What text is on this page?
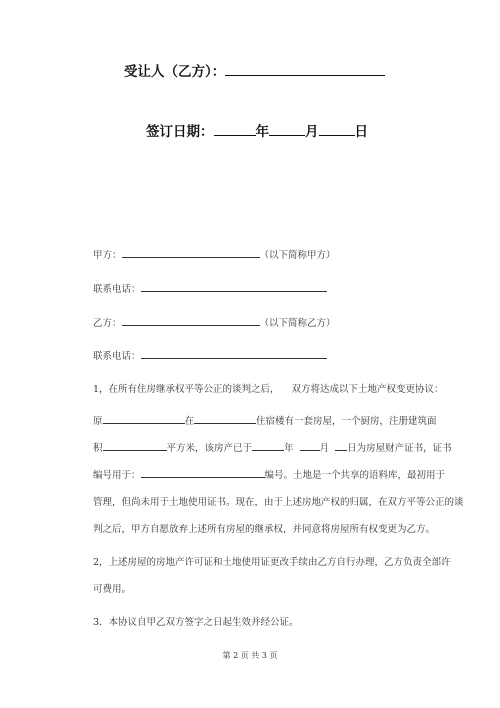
受让人（乙方）：
签订日期：	年	月	日
甲方：	（以下简称甲方）
联系电话：
乙方：	（以下简称乙方）
联系电话：
1，在所有住房继承权平等公正的谈判之后， 双方将达成以下土地产权变更协议：
原	在	住宿楼有一套房屋，一个厨房，注册建筑面
积	平方米，该房产已于	年	月 日为房屋财产证书，证书
编号用于：	编号。土地是一个共享的语料库，最初用于
管理，但尚未用于土地使用证书。现在，由于上述房地产权的归属，在双方平等公正的谈
判之后，甲方自愿放弃上述所有房屋的继承权，并同意将房屋所有权变更为乙方。
2，上述房屋的房地产许可证和土地使用证更改手续由乙方自行办理，乙方负责全部许
可费用。
3．本协议自甲乙双方签字之日起生效并经公证。
第 2 页 共 3 页
